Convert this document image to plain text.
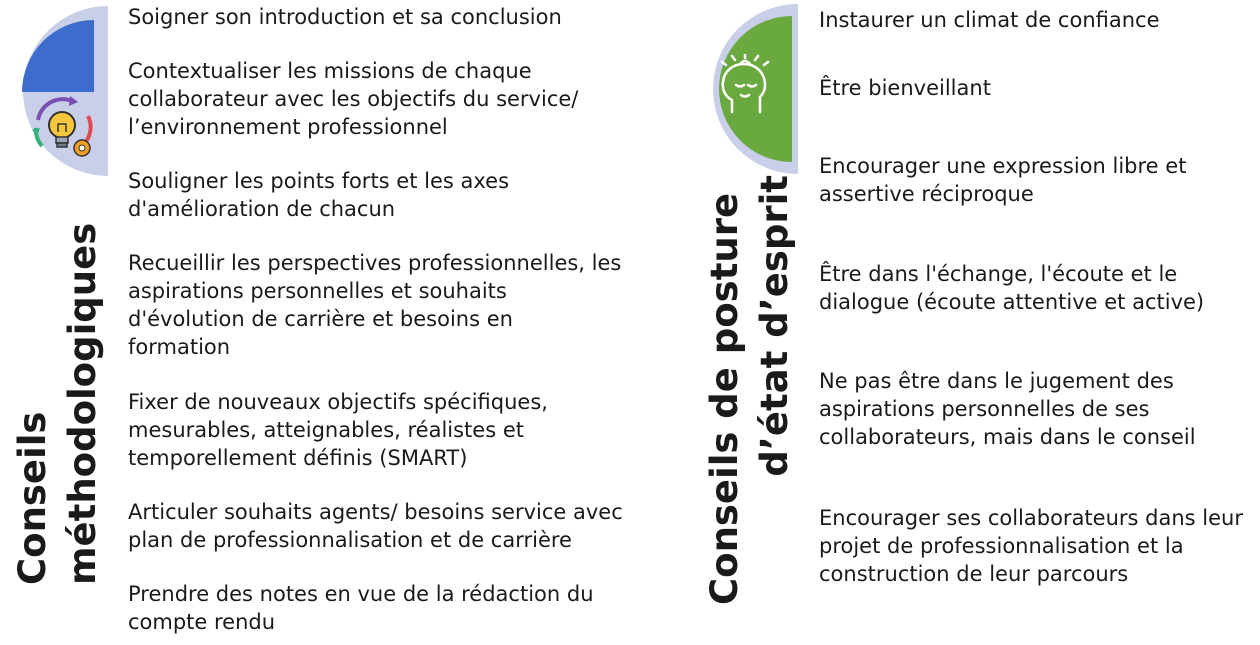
Conseils méthodologiques
Soigner son introduction et sa conclusion
Contextualiser les missions de chaque
collaborateur avec les objectifs du service/
l’environnement professionnel
Souligner les points forts et les axes
d'amélioration de chacun
Recueillir les perspectives professionnelles, les
aspirations personnelles et souhaits
d'évolution de carrière et besoins en
formation
Fixer de nouveaux objectifs spécifiques,
mesurables, atteignables, réalistes et
temporellement définis (SMART)
Articuler souhaits agents/ besoins service avec
plan de professionnalisation et de carrière
Prendre des notes en vue de la rédaction du
compte rendu
Instaurer un climat de confiance
Être bienveillant
Encourager une expression libre et
assertive réciproque
Être dans l'échange, l'écoute et le
dialogue (écoute attentive et active)
Ne pas être dans le jugement des
aspirations personnelles de ses
collaborateurs, mais dans le conseil
Encourager ses collaborateurs dans leur
projet de professionnalisation et la
construction de leur parcours
Conseils de posture d’état d’esprit
